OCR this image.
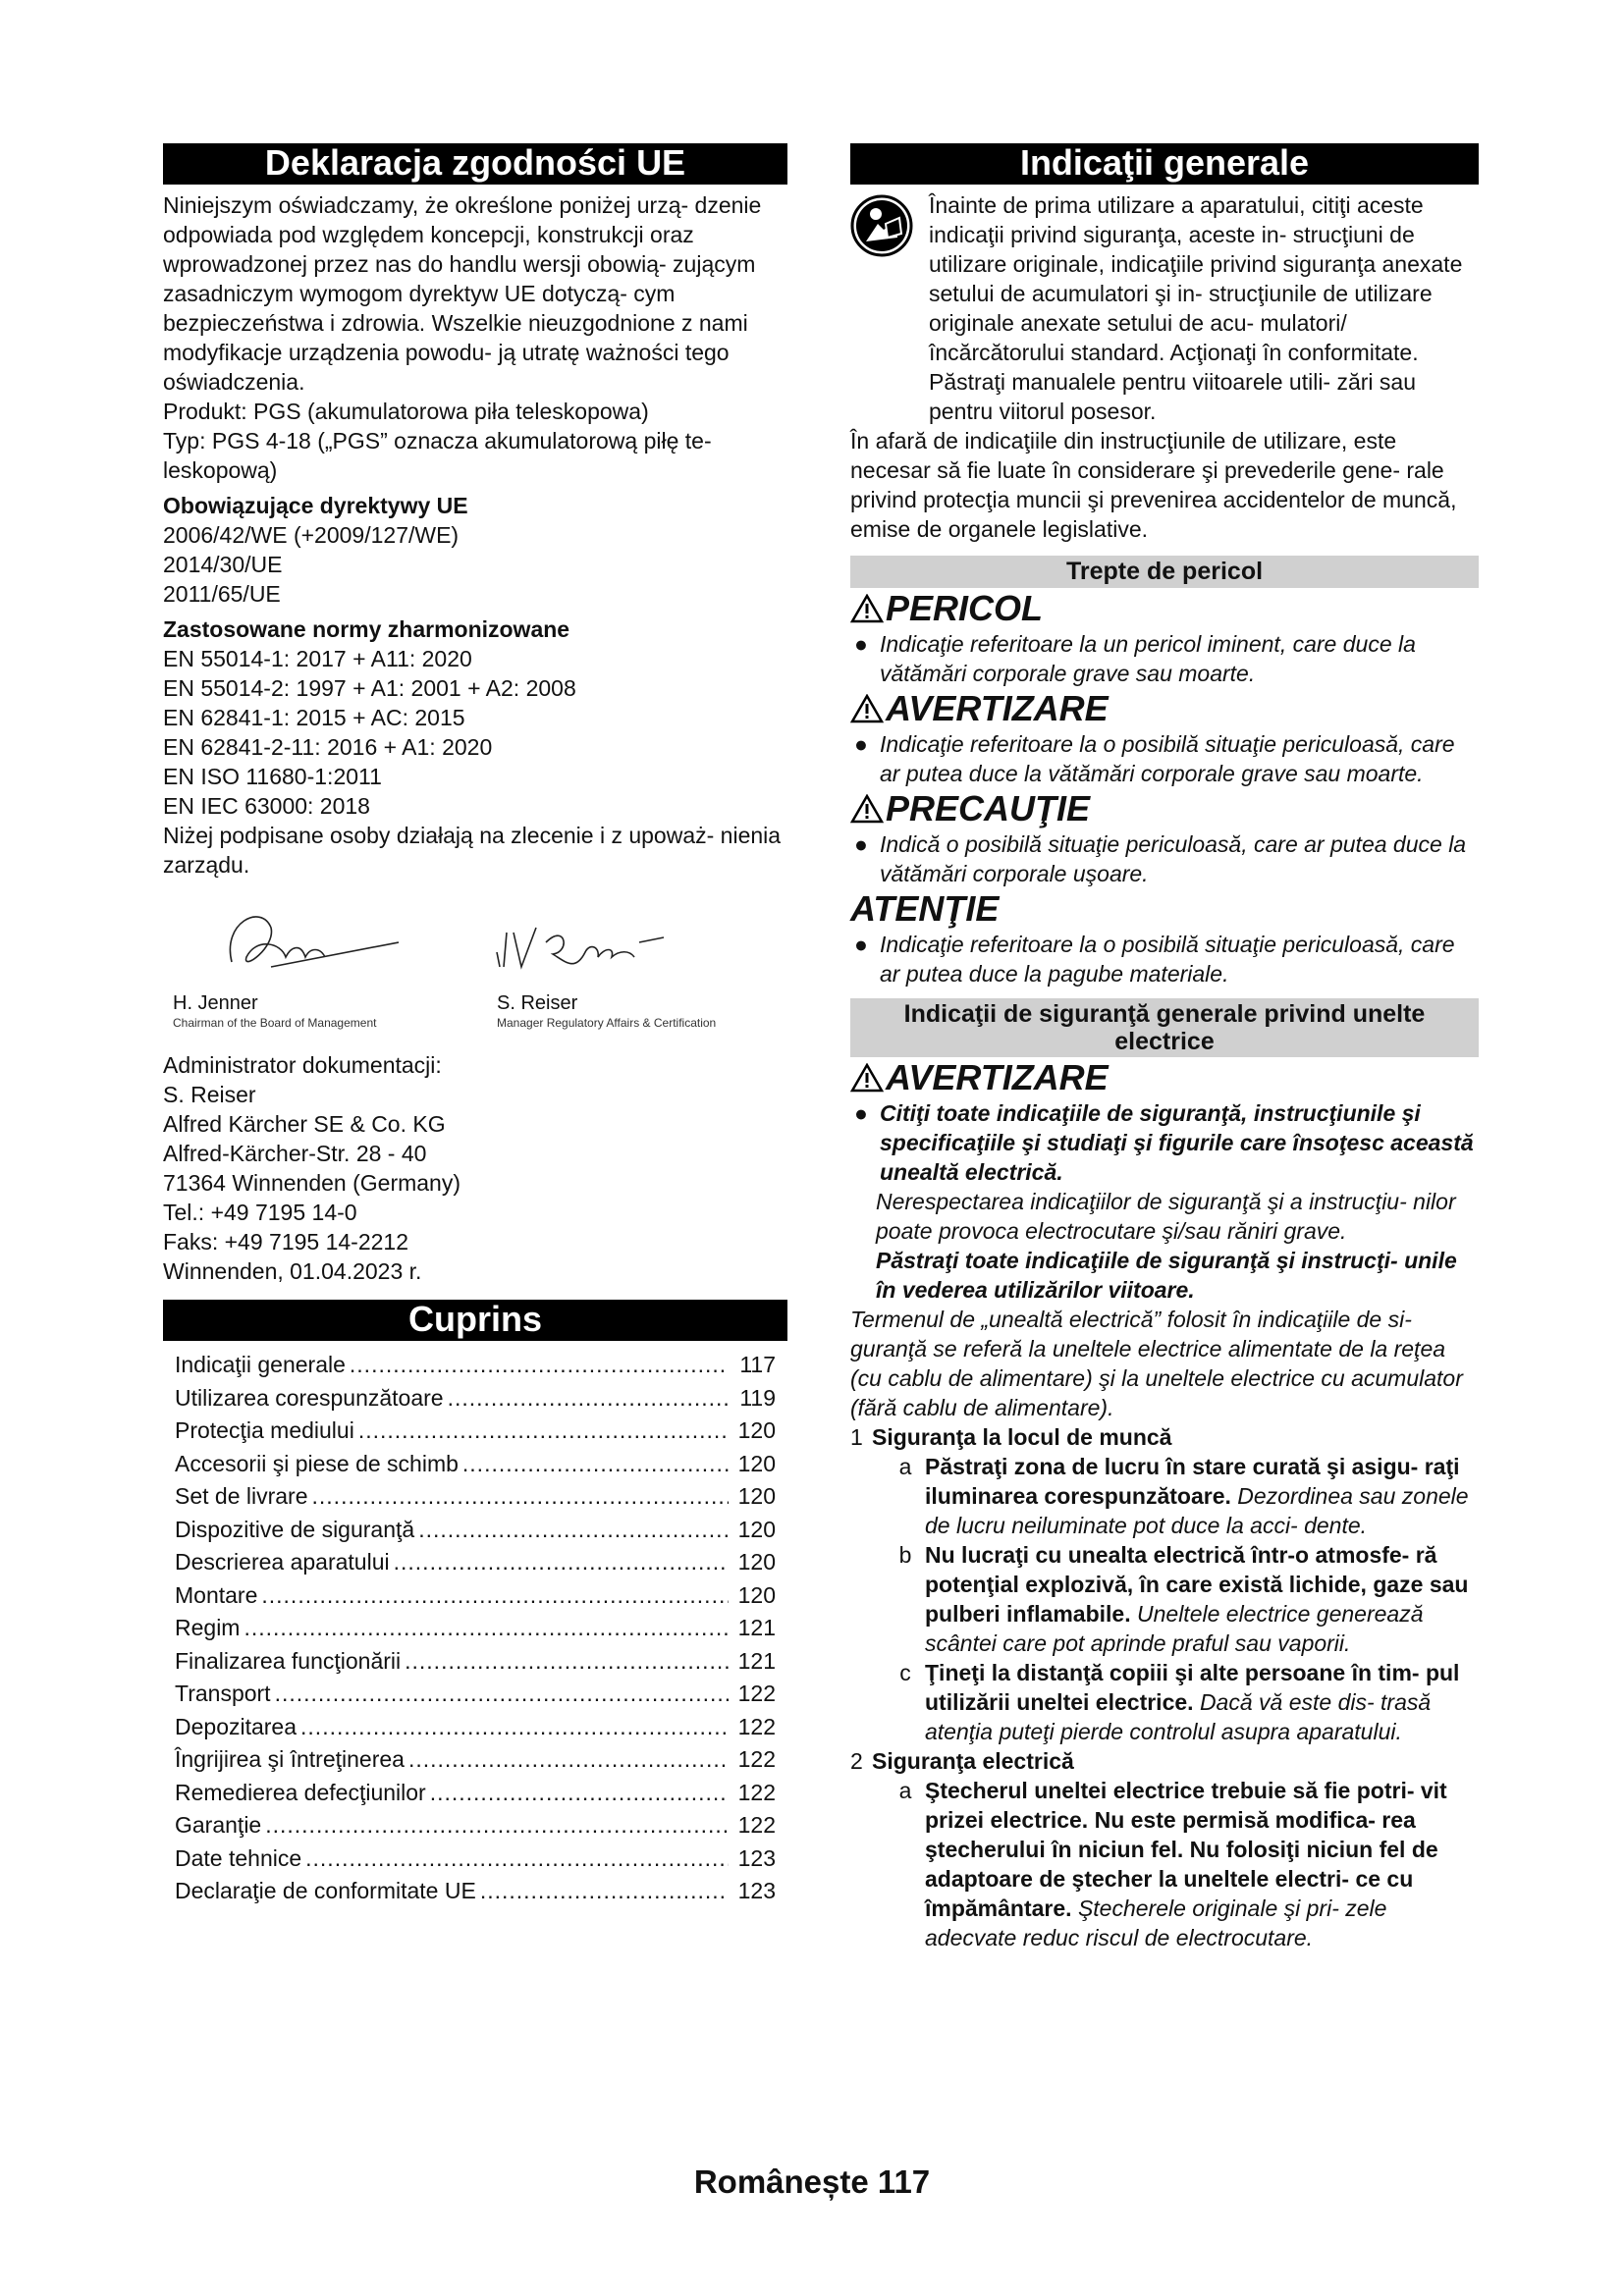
Deklaracja zgodności UE

Niniejszym oświadczamy, że określone poniżej urzą- dzenie odpowiada pod względem koncepcji, konstrukcji oraz wprowadzonej przez nas do handlu wersji obowią- zującym zasadniczym wymogom dyrektyw UE dotyczą- cym bezpieczeństwa i zdrowia. Wszelkie nieuzgodnione z nami modyfikacje urządzenia powodu- ją utratę ważności tego oświadczenia.

Produkt: PGS (akumulatorowa piła teleskopowa)

Typ: PGS 4-18 („PGS” oznacza akumulatorową piłę te- leskopową)

Obowiązujące dyrektywy UE

2006/42/WE (+2009/127/WE)

2014/30/UE

2011/65/UE

Zastosowane normy zharmonizowane

EN 55014-1: 2017 + A11: 2020

EN 55014-2: 1997 + A1: 2001 + A2: 2008

EN 62841-1: 2015 + AC: 2015

EN 62841-2-11: 2016 + A1: 2020

EN ISO 11680-1:2011

EN IEC 63000: 2018

Niżej podpisane osoby działają na zlecenie i z upoważ- nienia zarządu.

H. Jenner
Chairman of the Board of Management
S. Reiser
Manager Regulatory Affairs & Certification

Administrator dokumentacji:

S. Reiser

Alfred Kärcher SE & Co. KG

Alfred-Kärcher-Str. 28 - 40

71364 Winnenden (Germany)

Tel.: +49 7195 14-0

Faks: +49 7195 14-2212

Winnenden, 01.04.2023 r.

Cuprins
Indicaţii generale .....	117
Utilizarea corespunzătoare .....	119
Protecţia mediului .....	120
Accesorii şi piese de schimb .....	120
Set de livrare .....	120
Dispozitive de siguranţă .....	120
Descrierea aparatului .....	120
Montare .....	120
Regim .....	121
Finalizarea funcţionării .....	121
Transport .....	122
Depozitarea .....	122
Îngrijirea şi întreţinerea .....	122
Remedierea defecţiunilor .....	122
Garanţie .....	122
Date tehnice .....	123
Declaraţie de conformitate UE .....	123
Indicaţii generale

Înainte de prima utilizare a aparatului, citiţi aceste indicaţii privind siguranţa, aceste in- strucţiuni de utilizare originale, indicaţiile privind siguranţa anexate setului de acumulatori şi in- strucţiunile de utilizare originale anexate setului de acu- mulatori/încărcătorului standard. Acţionaţi în conformitate. Păstraţi manualele pentru viitoarele utili- zări sau pentru viitorul posesor.

În afară de indicaţiile din instrucţiunile de utilizare, este necesar să fie luate în considerare şi prevederile gene- rale privind protecţia muncii şi prevenirea accidentelor de muncă, emise de organele legislative.

Trepte de pericol
PERICOL
● Indicaţie referitoare la un pericol iminent, care duce la vătămări corporale grave sau moarte.
AVERTIZARE
● Indicaţie referitoare la o posibilă situaţie periculoasă, care ar putea duce la vătămări corporale grave sau moarte.
PRECAUŢIE
● Indică o posibilă situaţie periculoasă, care ar putea duce la vătămări corporale uşoare.
ATENŢIE
● Indicaţie referitoare la o posibilă situaţie periculoasă, care ar putea duce la pagube materiale.
Indicaţii de siguranţă generale privind unelte electrice
AVERTIZARE
● Citiţi toate indicaţiile de siguranţă, instrucţiunile şi specificaţiile şi studiaţi şi figurile care însoţesc această unealtă electrică.

Nerespectarea indicaţiilor de siguranţă şi a instrucţiu- nilor poate provoca electrocutare şi/sau răniri grave.

Păstraţi toate indicaţiile de siguranţă şi instrucţi- unile în vederea utilizărilor viitoare.

Termenul de „unealtă electrică” folosit în indicaţiile de si- guranţă se referă la uneltele electrice alimentate de la reţea (cu cablu de alimentare) şi la uneltele electrice cu acumulator (fără cablu de alimentare).

1 Siguranţa la locul de muncă
a Păstraţi zona de lucru în stare curată şi asigu- raţi iluminarea corespunzătoare. Dezordinea sau zonele de lucru neiluminate pot duce la acci- dente.
b Nu lucraţi cu unealta electrică într-o atmosfe- ră potenţial explozivă, în care există lichide, gaze sau pulberi inflamabile. Uneltele electrice generează scântei care pot aprinde praful sau vaporii.
c Ţineţi la distanţă copiii şi alte persoane în tim- pul utilizării uneltei electrice. Dacă vă este dis- trasă atenţia puteţi pierde controlul asupra aparatului.
2 Siguranţa electrică
a Ştecherul uneltei electrice trebuie să fie potri- vit prizei electrice. Nu este permisă modifica- rea ştecherului în niciun fel. Nu folosiţi niciun fel de adaptoare de ştecher la uneltele electri- ce cu împământare. Ştecherele originale şi pri- zele adecvate reduc riscul de electrocutare.
Românește 117
